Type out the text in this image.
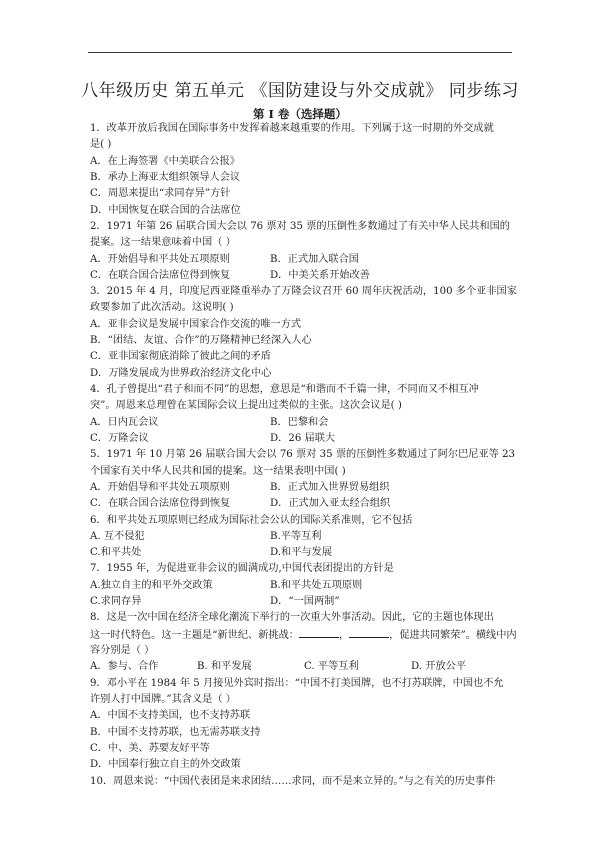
八年级历史 第五单元 《国防建设与外交成就》 同步练习
第 I 卷（选择题）
1．改革开放后我国在国际事务中发挥着越来越重要的作用。下列属于这一时期的外交成就
是( )
A．在上海签署《中美联合公报》
B．承办上海亚太组织领导人会议
C．周恩来提出“求同存异”方针
D．中国恢复在联合国的合法席位
2．1971 年第 26 届联合国大会以 76 票对 35 票的压倒性多数通过了有关中华人民共和国的
提案。这一结果意味着中国（ ）
A．开始倡导和平共处五项原则	B．正式加入联合国
C．在联合国合法席位得到恢复	D．中美关系开始改善
3．2015 年 4 月，印度尼西亚隆重举办了万隆会议召开 60 周年庆祝活动，100 多个亚非国家
政要参加了此次活动。这说明( )
A．亚非会议是发展中国家合作交流的唯一方式
B．“团结、友谊、合作”的万隆精神已经深入人心
C．亚非国家彻底消除了彼此之间的矛盾
D．万隆发展成为世界政治经济文化中心
4．孔子曾提出“君子和而不同”的思想，意思是“和谐而不千篇一律，不同而又不相互冲
突”。周恩来总理曾在某国际会议上提出过类似的主张。这次会议是( )
A．日内瓦会议	B．巴黎和会
C．万隆会议	D．26 届联大
5．1971 年 10 月第 26 届联合国大会以 76 票对 35 票的压倒性多数通过了阿尔巴尼亚等 23
个国家有关中华人民共和国的提案。这一结果表明中国( )
A．开始倡导和平共处五项原则	B．正式加入世界贸易组织
C．在联合国合法席位得到恢复	D．正式加入亚太经合组织
6．和平共处五项原则已经成为国际社会公认的国际关系准则，它不包括
A. 互不侵犯	B.平等互利
C.和平共处	D.和平与发展
7．1955 年，为促进亚非会议的圆满成功,中国代表团提出的方针是
A.独立自主的和平外交政策	B.和平共处五项原则
C.求同存异	D．“一国两制”
8．这是一次中国在经济全球化潮流下举行的一次重大外事活动。因此，它的主题也体现出
这一时代特色。这一主题是“新世纪、新挑战：	，	，促进共同繁荣”。横线中内
容分别是（ ）
A．参与、合作	B. 和平发展	C. 平等互利	D. 开放公平
9．邓小平在 1984 年 5 月接见外宾时指出：“中国不打美国牌，也不打苏联牌，中国也不允
许别人打中国牌。”其含义是（ ）
A．中国不支持美国，也不支持苏联
B．中国不支持苏联，也无需苏联支持
C．中、美、苏要友好平等
D．中国奉行独立自主的外交政策
10．周恩来说：“中国代表团是来求团结……求同，而不是来立异的。”与之有关的历史事件
